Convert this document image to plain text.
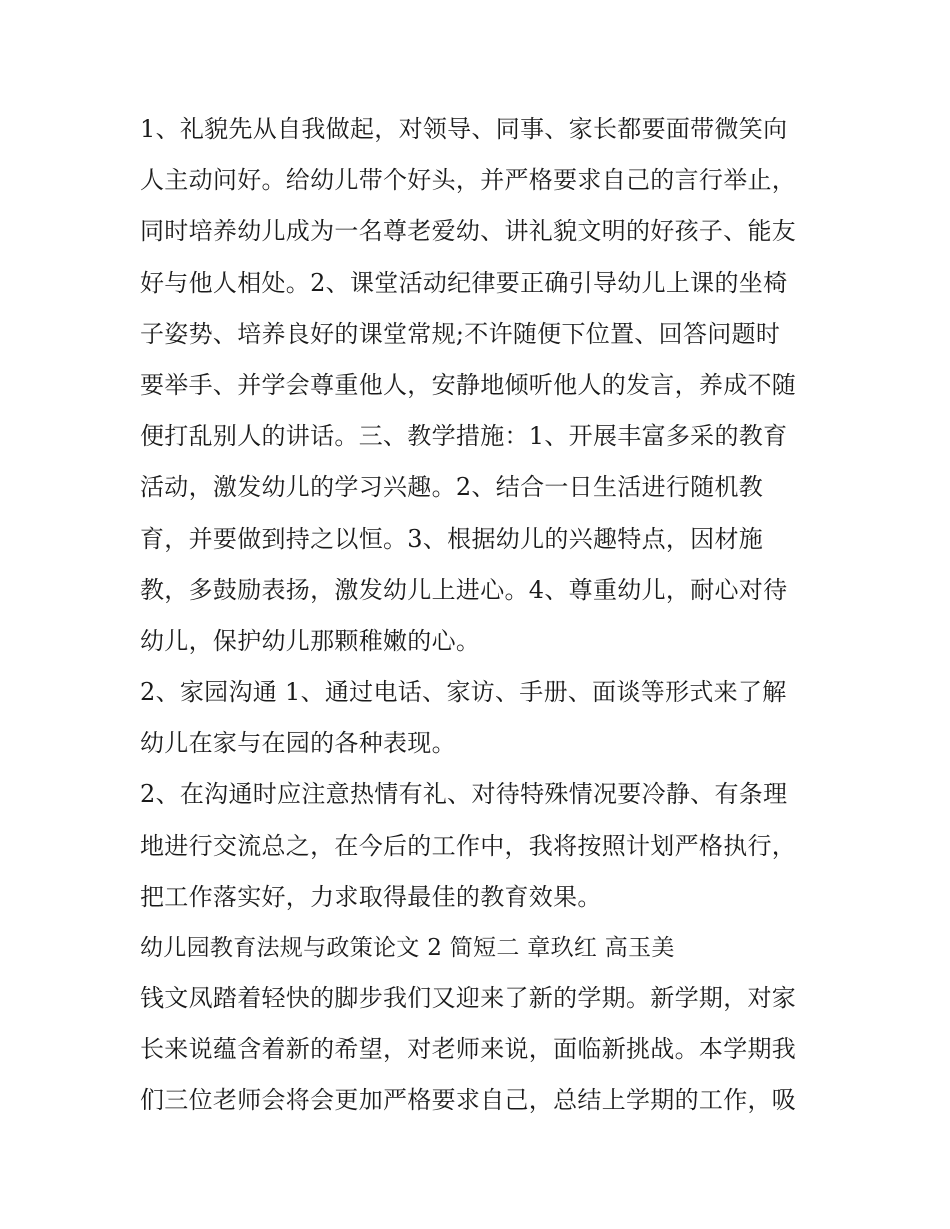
1、礼貌先从自我做起，对领导、同事、家长都要面带微笑向
人主动问好。给幼儿带个好头，并严格要求自己的言行举止，
同时培养幼儿成为一名尊老爱幼、讲礼貌文明的好孩子、能友
好与他人相处。2、课堂活动纪律要正确引导幼儿上课的坐椅
子姿势、培养良好的课堂常规;不许随便下位置、回答问题时
要举手、并学会尊重他人，安静地倾听他人的发言，养成不随
便打乱别人的讲话。三、教学措施：1、开展丰富多采的教育
活动，激发幼儿的学习兴趣。2、结合一日生活进行随机教
育，并要做到持之以恒。3、根据幼儿的兴趣特点，因材施
教，多鼓励表扬，激发幼儿上进心。4、尊重幼儿，耐心对待
幼儿，保护幼儿那颗稚嫩的心。
2、家园沟通 1、通过电话、家访、手册、面谈等形式来了解
幼儿在家与在园的各种表现。
2、在沟通时应注意热情有礼、对待特殊情况要冷静、有条理
地进行交流总之，在今后的工作中，我将按照计划严格执行，
把工作落实好，力求取得最佳的教育效果。
幼儿园教育法规与政策论文 2 简短二 章玖红 高玉美
钱文凤踏着轻快的脚步我们又迎来了新的学期。新学期，对家
长来说蕴含着新的希望，对老师来说，面临新挑战。本学期我
们三位老师会将会更加严格要求自己，总结上学期的工作，吸
